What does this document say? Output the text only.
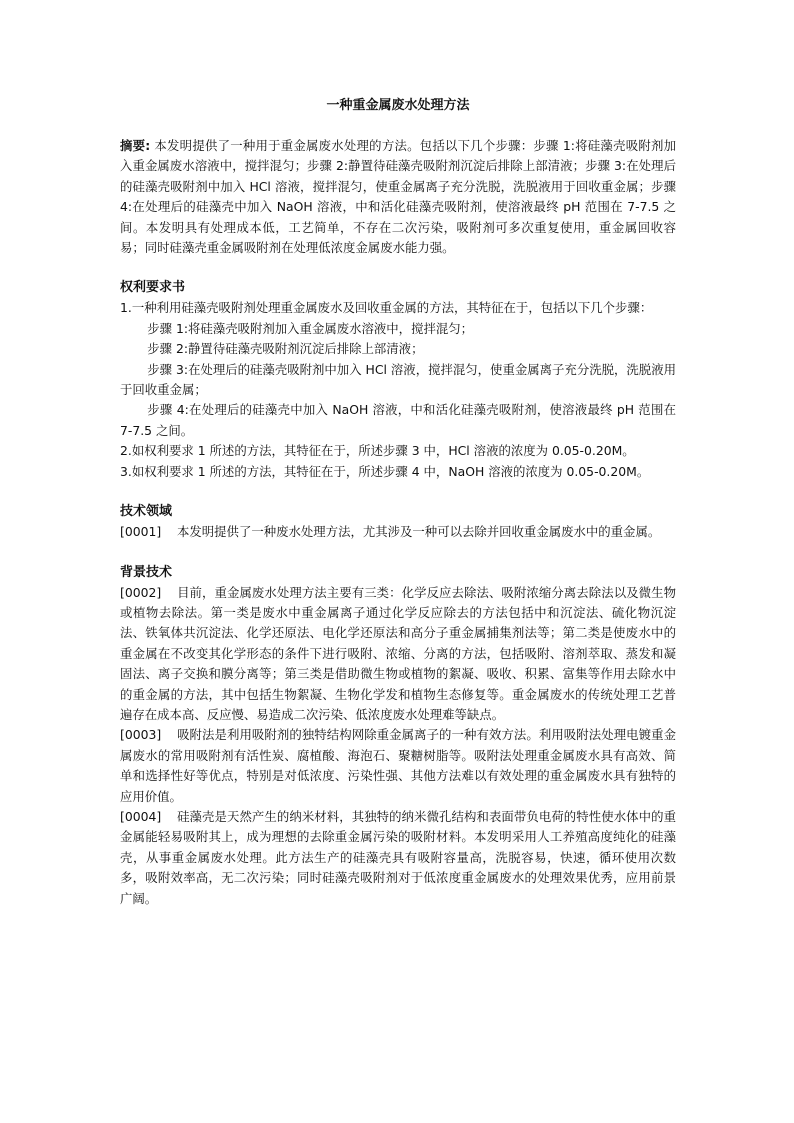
一种重金属废水处理方法
摘要: 本发明提供了一种用于重金属废水处理的方法。包括以下几个步骤：步骤 1:将硅藻壳吸附剂加入重金属废水溶液中，搅拌混匀；步骤 2:静置待硅藻壳吸附剂沉淀后排除上部清液；步骤 3:在处理后的硅藻壳吸附剂中加入 HCl 溶液，搅拌混匀，使重金属离子充分洗脱，洗脱液用于回收重金属；步骤 4:在处理后的硅藻壳中加入 NaOH 溶液，中和活化硅藻壳吸附剂，使溶液最终 pH 范围在 7-7.5 之间。本发明具有处理成本低，工艺简单，不存在二次污染，吸附剂可多次重复使用，重金属回收容易；同时硅藻壳重金属吸附剂在处理低浓度金属废水能力强。
权利要求书
1.一种利用硅藻壳吸附剂处理重金属废水及回收重金属的方法，其特征在于，包括以下几个步骤：
步骤 1:将硅藻壳吸附剂加入重金属废水溶液中，搅拌混匀；
步骤 2:静置待硅藻壳吸附剂沉淀后排除上部清液；
步骤 3:在处理后的硅藻壳吸附剂中加入 HCl 溶液，搅拌混匀，使重金属离子充分洗脱，洗脱液用于回收重金属；
步骤 4:在处理后的硅藻壳中加入 NaOH 溶液，中和活化硅藻壳吸附剂，使溶液最终 pH 范围在 7-7.5 之间。
2.如权利要求 1 所述的方法，其特征在于，所述步骤 3 中，HCl 溶液的浓度为 0.05-0.20M。
3.如权利要求 1 所述的方法，其特征在于，所述步骤 4 中，NaOH 溶液的浓度为 0.05-0.20M。
技术领域
[0001] 本发明提供了一种废水处理方法，尤其涉及一种可以去除并回收重金属废水中的重金属。
背景技术
[0002] 目前，重金属废水处理方法主要有三类：化学反应去除法、吸附浓缩分离去除法以及微生物或植物去除法。第一类是废水中重金属离子通过化学反应除去的方法包括中和沉淀法、硫化物沉淀法、铁氧体共沉淀法、化学还原法、电化学还原法和高分子重金属捕集剂法等；第二类是使废水中的重金属在不改变其化学形态的条件下进行吸附、浓缩、分离的方法，包括吸附、溶剂萃取、蒸发和凝固法、离子交换和膜分离等；第三类是借助微生物或植物的絮凝、吸收、积累、富集等作用去除水中的重金属的方法，其中包括生物絮凝、生物化学发和植物生态修复等。重金属废水的传统处理工艺普遍存在成本高、反应慢、易造成二次污染、低浓度废水处理难等缺点。
[0003] 吸附法是利用吸附剂的独特结构网除重金属离子的一种有效方法。利用吸附法处理电镀重金属废水的常用吸附剂有活性炭、腐植酸、海泡石、聚糖树脂等。吸附法处理重金属废水具有高效、简单和选择性好等优点，特别是对低浓度、污染性强、其他方法难以有效处理的重金属废水具有独特的应用价值。
[0004] 硅藻壳是天然产生的纳米材料，其独特的纳米微孔结构和表面带负电荷的特性使水体中的重金属能轻易吸附其上，成为理想的去除重金属污染的吸附材料。本发明采用人工养殖高度纯化的硅藻壳，从事重金属废水处理。此方法生产的硅藻壳具有吸附容量高，洗脱容易，快速，循环使用次数多，吸附效率高，无二次污染；同时硅藻壳吸附剂对于低浓度重金属废水的处理效果优秀，应用前景广阔。
